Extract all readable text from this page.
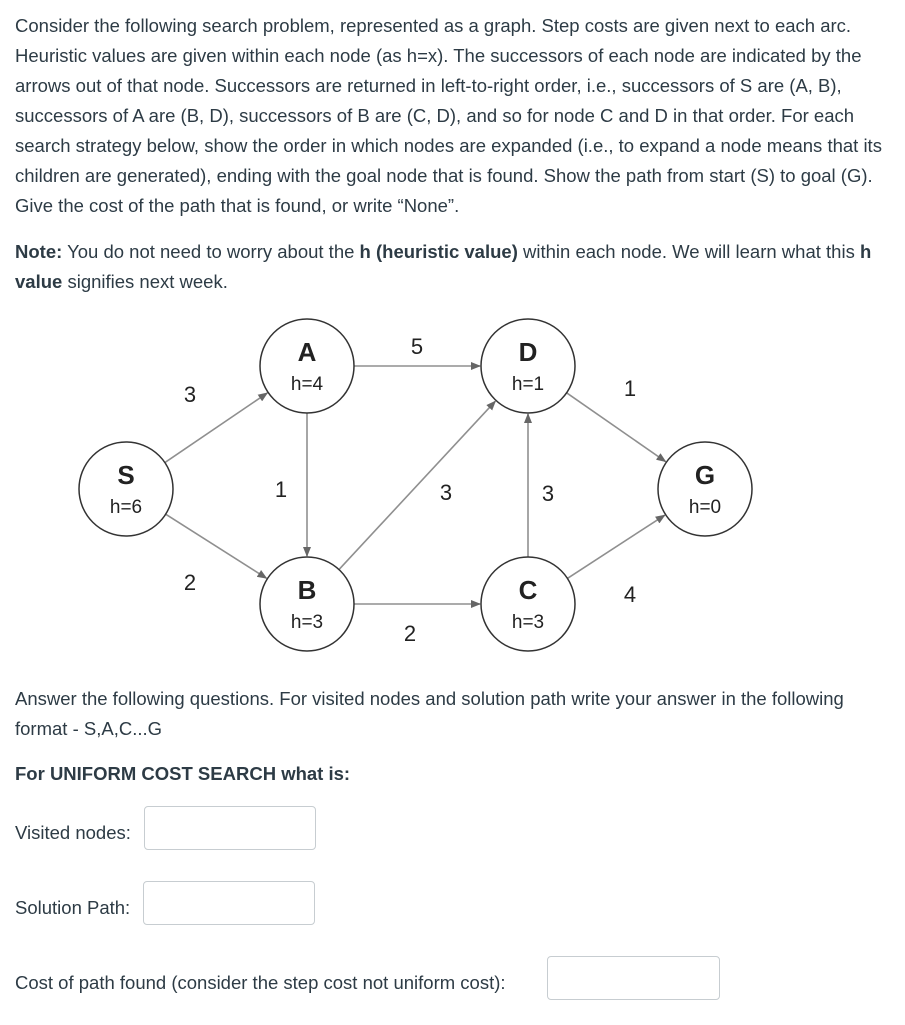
Consider the following search problem, represented as a graph. Step costs are given next to each arc. Heuristic values are given within each node (as h=x). The successors of each node are indicated by the arrows out of that node. Successors are returned in left-to-right order, i.e., successors of S are (A, B), successors of A are (B, D), successors of B are (C, D), and so for node C and D in that order. For each search strategy below, show the order in which nodes are expanded (i.e., to expand a node means that its children are generated), ending with the goal node that is found. Show the path from start (S) to goal (G). Give the cost of the path that is found, or write “None”.

Note: You do not need to worry about the h (heuristic value) within each node. We will learn what this h value signifies next week.

3
2
1
5
2
3	3
4
1
S
h=6
A
h=4
B
h=3
C
h=3
D
h=1
G
h=0

Answer the following questions. For visited nodes and solution path write your answer in the following format - S,A,C...G

For UNIFORM COST SEARCH what is:
Visited nodes:
Solution Path:
Cost of path found (consider the step cost not uniform cost):
